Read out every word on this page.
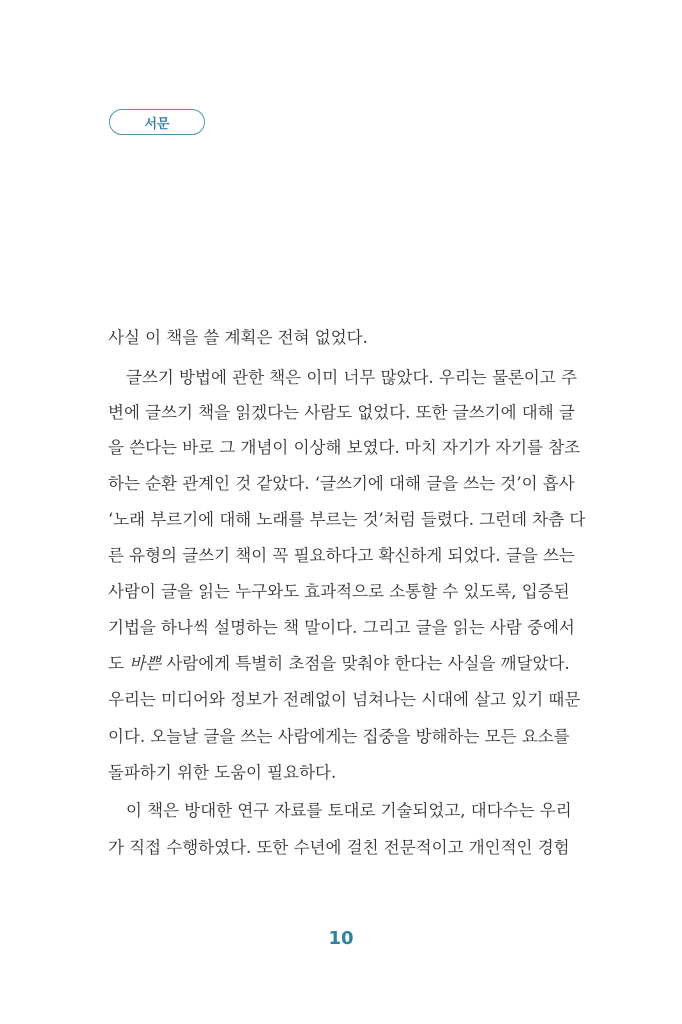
서문
사실 이 책을 쓸 계획은 전혀 없었다.
글쓰기 방법에 관한 책은 이미 너무 많았다. 우리는 물론이고 주
변에 글쓰기 책을 읽겠다는 사람도 없었다. 또한 글쓰기에 대해 글
을 쓴다는 바로 그 개념이 이상해 보였다. 마치 자기가 자기를 참조
하는 순환 관계인 것 같았다. ‘글쓰기에 대해 글을 쓰는 것’이 흡사
‘노래 부르기에 대해 노래를 부르는 것’처럼 들렸다. 그런데 차츰 다
른 유형의 글쓰기 책이 꼭 필요하다고 확신하게 되었다. 글을 쓰는
사람이 글을 읽는 누구와도 효과적으로 소통할 수 있도록, 입증된
기법을 하나씩 설명하는 책 말이다. 그리고 글을 읽는 사람 중에서
도 바쁜 사람에게 특별히 초점을 맞춰야 한다는 사실을 깨달았다.
우리는 미디어와 정보가 전례없이 넘쳐나는 시대에 살고 있기 때문
이다. 오늘날 글을 쓰는 사람에게는 집중을 방해하는 모든 요소를
돌파하기 위한 도움이 필요하다.
이 책은 방대한 연구 자료를 토대로 기술되었고, 대다수는 우리
가 직접 수행하였다. 또한 수년에 걸친 전문적이고 개인적인 경험
10
